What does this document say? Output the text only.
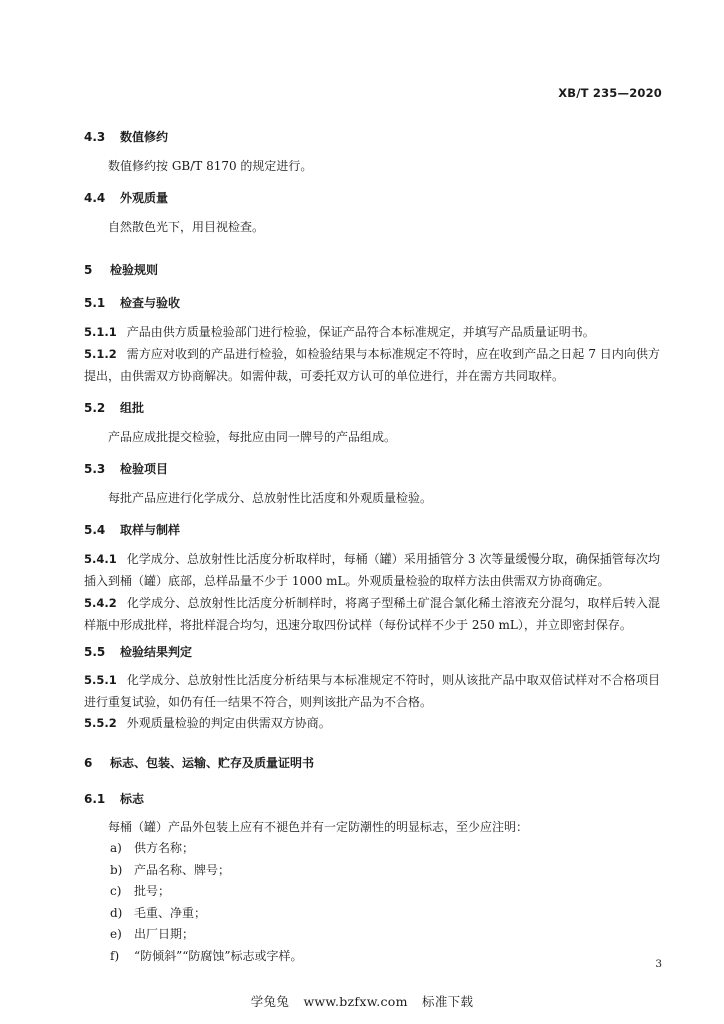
XB/T 235—2020
4.3 数值修约
数值修约按 GB/T 8170 的规定进行。
4.4 外观质量
自然散色光下，用目视检查。
5 检验规则
5.1 检查与验收
5.1.1 产品由供方质量检验部门进行检验，保证产品符合本标准规定，并填写产品质量证明书。
5.1.2 需方应对收到的产品进行检验，如检验结果与本标准规定不符时，应在收到产品之日起 7 日内向供方提出，由供需双方协商解决。如需仲裁，可委托双方认可的单位进行，并在需方共同取样。
5.2 组批
产品应成批提交检验，每批应由同一牌号的产品组成。
5.3 检验项目
每批产品应进行化学成分、总放射性比活度和外观质量检验。
5.4 取样与制样
5.4.1 化学成分、总放射性比活度分析取样时，每桶（罐）采用插管分 3 次等量缓慢分取，确保插管每次均插入到桶（罐）底部，总样品量不少于 1000 mL。外观质量检验的取样方法由供需双方协商确定。
5.4.2 化学成分、总放射性比活度分析制样时，将离子型稀土矿混合氯化稀土溶液充分混匀，取样后转入混样瓶中形成批样，将批样混合均匀，迅速分取四份试样（每份试样不少于 250 mL），并立即密封保存。
5.5 检验结果判定
5.5.1 化学成分、总放射性比活度分析结果与本标准规定不符时，则从该批产品中取双倍试样对不合格项目进行重复试验，如仍有任一结果不符合，则判该批产品为不合格。
5.5.2 外观质量检验的判定由供需双方协商。
6 标志、包装、运输、贮存及质量证明书
6.1 标志
每桶（罐）产品外包装上应有不褪色并有一定防潮性的明显标志，至少应注明：
a) 供方名称；
b) 产品名称、牌号；
c) 批号；
d) 毛重、净重；
e) 出厂日期；
f) “防倾斜”“防腐蚀”标志或字样。
3
学兔兔 www.bzfxw.com 标准下载
